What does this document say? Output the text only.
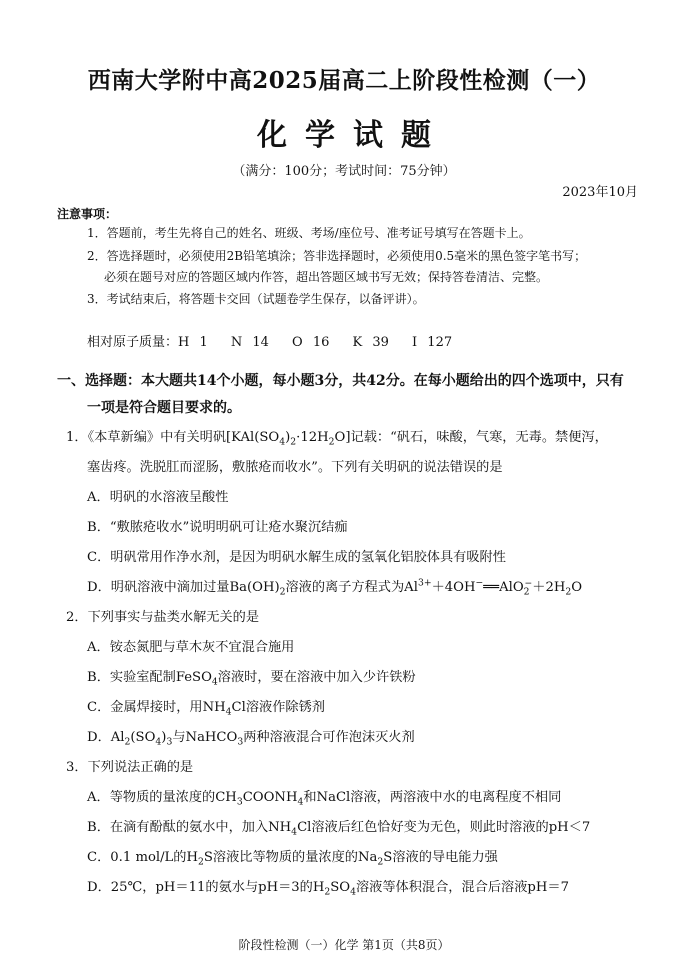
西南大学附中高2025届高二上阶段性检测（一）
化学试题
（满分：100分；考试时间：75分钟）
2023年10月
注意事项：
1．答题前，考生先将自己的姓名、班级、考场/座位号、准考证号填写在答题卡上。
2．答选择题时，必须使用2B铅笔填涂；答非选择题时，必须使用0.5毫米的黑色签字笔书写；
必须在题号对应的答题区域内作答，超出答题区域书写无效；保持答卷清洁、完整。
3．考试结束后，将答题卡交回（试题卷学生保存，以备评讲）。
相对原子质量：H 1　 N 14　 O 16　 K 39　 I 127
一、选择题：本大题共14个小题，每小题3分，共42分。在每小题给出的四个选项中，只有
一项是符合题目要求的。
1．《本草新编》中有关明矾$[KAl(SO_4)_2\cdot 12H_2O]$记载：“矾石，味酸，气寒，无毒。禁便泻，
塞齿疼。洗脱肛而涩肠，敷脓疮而收水”。下列有关明矾的说法错误的是
A．明矾的水溶液呈酸性
B．“敷脓疮收水”说明明矾可让疮水聚沉结痂
C．明矾常用作净水剂，是因为明矾水解生成的氢氧化铝胶体具有吸附性
D．明矾溶液中滴加过量$Ba(OH)_2$溶液的离子方程式为$Al^{3+}+4OH^-══AlO_2^-+2H_2O$
2．下列事实与盐类水解无关的是
A．铵态氮肥与草木灰不宜混合施用
B．实验室配制FeSO$_4$溶液时，要在溶液中加入少许铁粉
C．金属焊接时，用$NH_4Cl$溶液作除锈剂
D．$Al_2(SO_4)_3$与NaHCO$_3$两种溶液混合可作泡沫灭火剂
3．下列说法正确的是
A．等物质的量浓度的$CH_3COONH_4$和NaCl溶液，两溶液中水的电离程度不相同
B．在滴有酚酞的氨水中，加入$NH_4Cl$溶液后红色恰好变为无色，则此时溶液的pH＜7
C．0.1 mol/L的$H_2S$溶液比等物质的量浓度的$Na_2S$溶液的导电能力强
D．25℃，pH＝11的氨水与pH＝3的$H_2SO_4$溶液等体积混合，混合后溶液pH＝7
阶段性检测（一）化学 第1页（共8页）
